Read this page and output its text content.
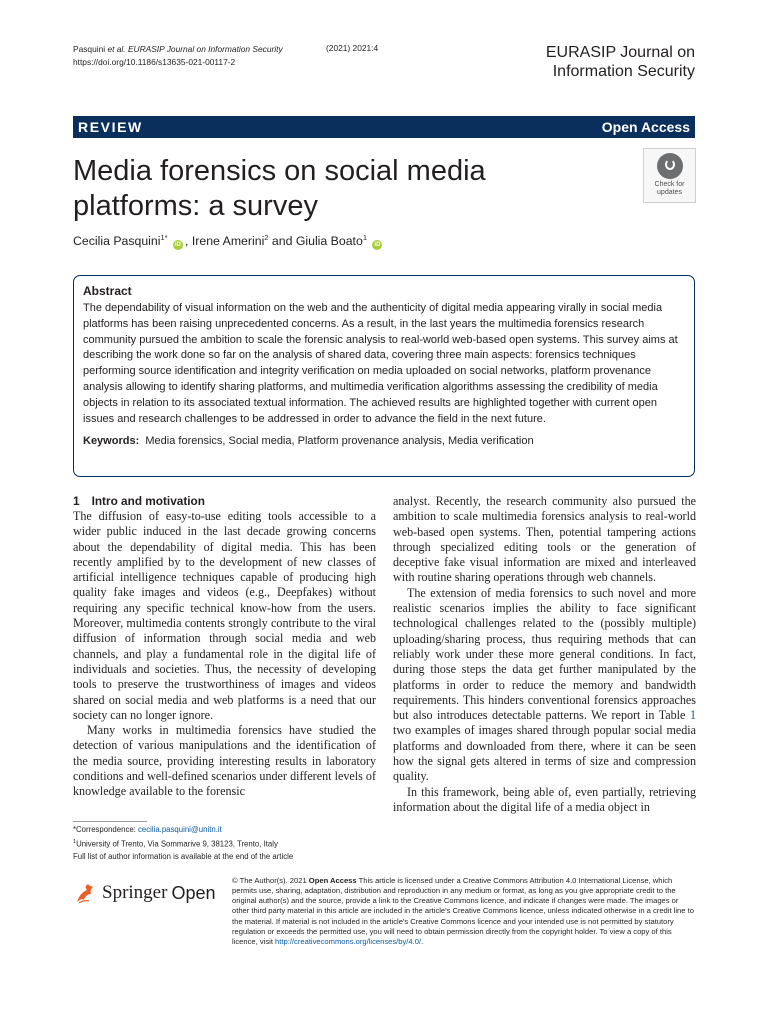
Pasquini et al. EURASIP Journal on Information Security
https://doi.org/10.1186/s13635-021-00117-2
(2021) 2021:4	EURASIP Journal on
Information Security
REVIEW	Open Access
Media forensics on social media
platforms: a survey
Check for
updates
Cecilia Pasquini$^{1*}$ iD , Irene Amerini$^2$ and Giulia Boato$^1$ iD
Abstract
The dependability of visual information on the web and the authenticity of digital media appearing virally in social media platforms has been raising unprecedented concerns. As a result, in the last years the multimedia forensics research community pursued the ambition to scale the forensic analysis to real-world web-based open systems. This survey aims at describing the work done so far on the analysis of shared data, covering three main aspects: forensics techniques performing source identification and integrity verification on media uploaded on social networks, platform provenance analysis allowing to identify sharing platforms, and multimedia verification algorithms assessing the credibility of media objects in relation to its associated textual information. The achieved results are highlighted together with current open issues and research challenges to be addressed in order to advance the field in the next future.
Keywords: Media forensics, Social media, Platform provenance analysis, Media verification
1 Intro and motivation

The diffusion of easy-to-use editing tools accessible to a wider public induced in the last decade growing concerns about the dependability of digital media. This has been recently amplified by to the development of new classes of artificial intelligence techniques capable of producing high quality fake images and videos (e.g., Deepfakes) without requiring any specific technical know-how from the users. Moreover, multimedia contents strongly contribute to the viral diffusion of information through social media and web channels, and play a fundamental role in the digital life of individuals and societies. Thus, the necessity of developing tools to preserve the trustworthiness of images and videos shared on social media and web platforms is a need that our society can no longer ignore.

Many works in multimedia forensics have studied the detection of various manipulations and the identification of the media source, providing interesting results in laboratory conditions and well-defined scenarios under different levels of knowledge available to the forensic

analyst. Recently, the research community also pursued the ambition to scale multimedia forensics analysis to real-world web-based open systems. Then, potential tampering actions through specialized editing tools or the generation of deceptive fake visual information are mixed and interleaved with routine sharing operations through web channels.

The extension of media forensics to such novel and more realistic scenarios implies the ability to face significant technological challenges related to the (possibly multiple) uploading/sharing process, thus requiring methods that can reliably work under these more general conditions. In fact, during those steps the data get further manipulated by the platforms in order to reduce the memory and bandwidth requirements. This hinders conventional forensics approaches but also introduces detectable patterns. We report in Table 1 two examples of images shared through popular social media platforms and downloaded from there, where it can be seen how the signal gets altered in terms of size and compression quality.

In this framework, being able of, even partially, retrieving information about the digital life of a media object in

*Correspondence: cecilia.pasquini@unitn.it
$^1$University of Trento, Via Sommarive 9, 38123, Trento, Italy
Full list of author information is available at the end of the article
Springer Open
© The Author(s). 2021 Open Access This article is licensed under a Creative Commons Attribution 4.0 International License, which permits use, sharing, adaptation, distribution and reproduction in any medium or format, as long as you give appropriate credit to the original author(s) and the source, provide a link to the Creative Commons licence, and indicate if changes were made. The images or other third party material in this article are included in the article's Creative Commons licence, unless indicated otherwise in a credit line to the material. If material is not included in the article's Creative Commons licence and your intended use is not permitted by statutory regulation or exceeds the permitted use, you will need to obtain permission directly from the copyright holder. To view a copy of this licence, visit http://creativecommons.org/licenses/by/4.0/.
